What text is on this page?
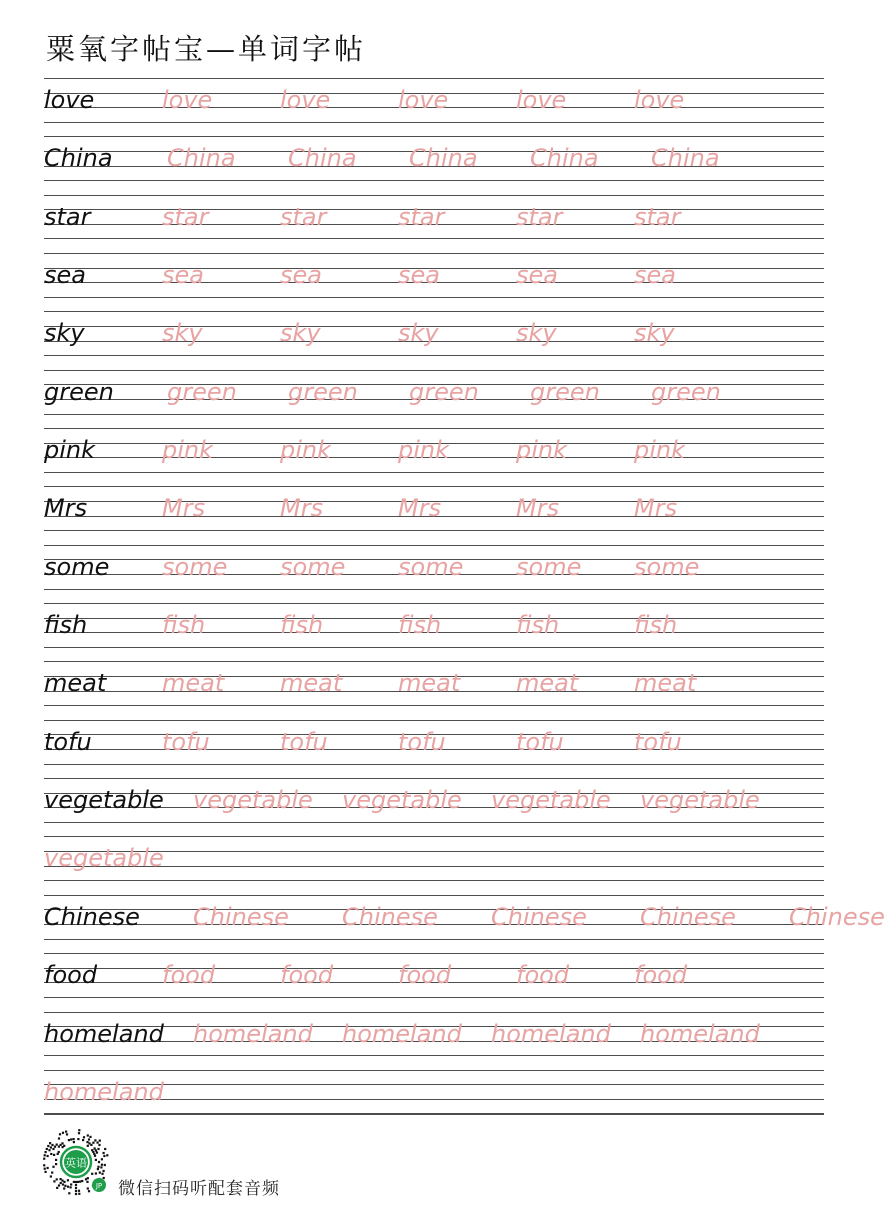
粟氧字帖宝—单词字帖
love	love	love	love	love	love
China China China China China China
star	star	star	star	star	star
sea	sea	sea	sea	sea	sea
sky	sky	sky	sky	sky	sky
green green green green green green
pink	pink	pink	pink	pink	pink
Mrs	Mrs	Mrs	Mrs	Mrs	Mrs
some some some some some some
fish	fish	fish	fish	fish	fish
meat meat meat meat meat meat
tofu	tofu	tofu	tofu	tofu	tofu
vegetable vegetable vegetable vegetable vegetable
vegetable
Chinese Chinese Chinese Chinese Chinese Chinese
food	food	food	food	food	food
homeland homeland homeland homeland homeland
homeland
英语
JP 微信扫码听配套音频
